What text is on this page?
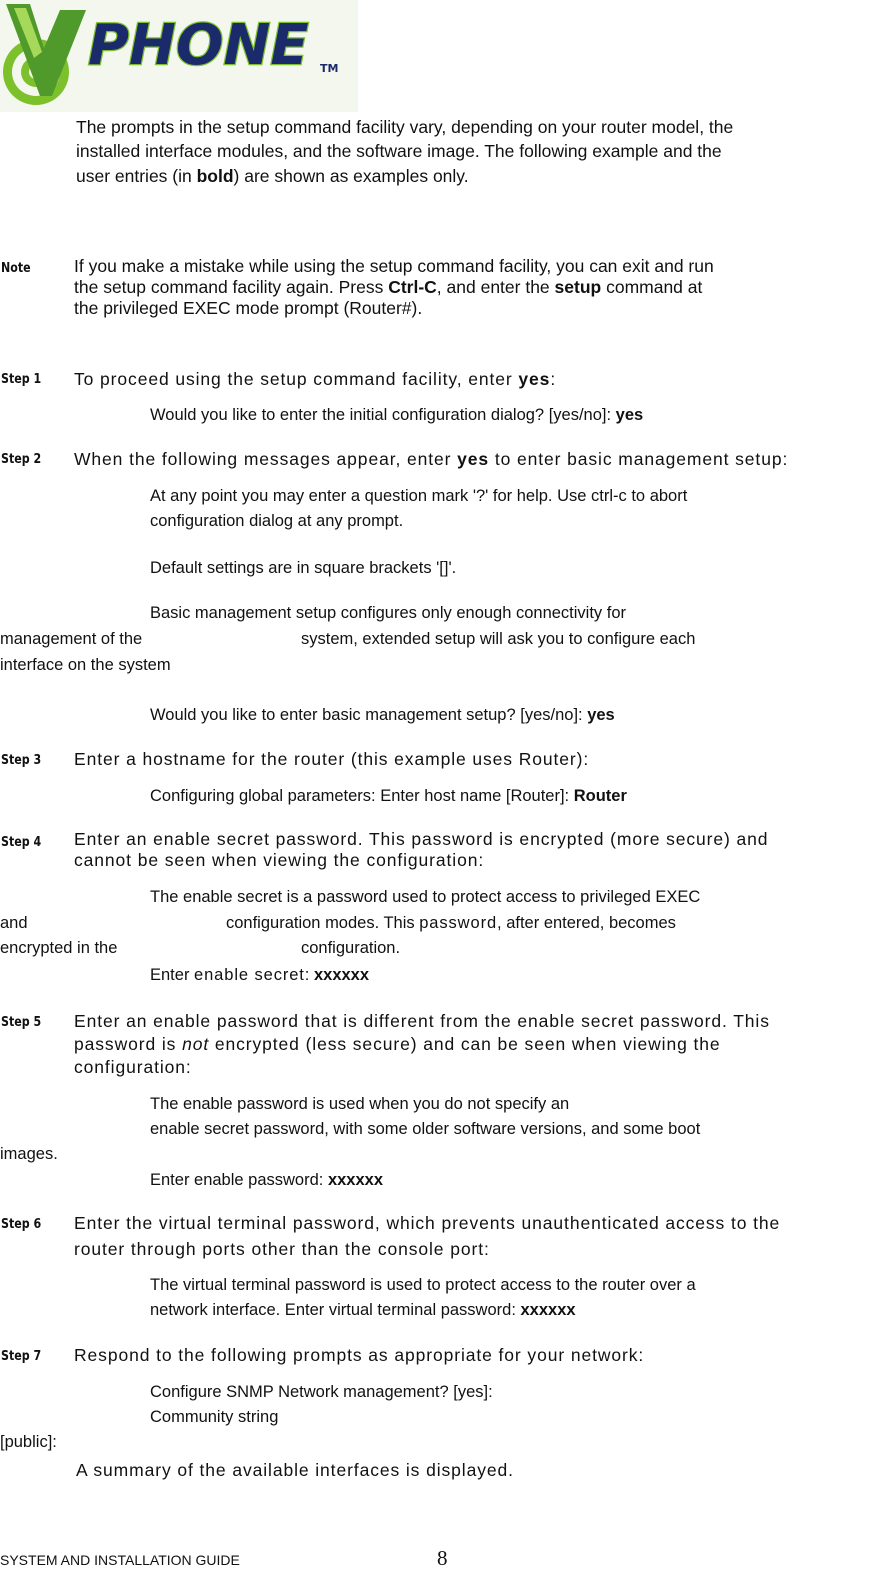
PHONE TM
The prompts in the setup command facility vary, depending on your router model, the
installed interface modules, and the software image. The following example and the
user entries (in bold) are shown as examples only.
Note If you make a mistake while using the setup command facility, you can exit and run
the setup command facility again. Press Ctrl-C, and enter the setup command at
the privileged EXEC mode prompt (Router#).
Step 1 To proceed using the setup command facility, enter yes:
Would you like to enter the initial configuration dialog? [yes/no]: yes
Step 2 When the following messages appear, enter yes to enter basic management setup:
At any point you may enter a question mark '?' for help. Use ctrl-c to abort
configuration dialog at any prompt.
Default settings are in square brackets '[]'.
Basic management setup configures only enough connectivity for
management of the	system, extended setup will ask you to configure each
interface on the system
Would you like to enter basic management setup? [yes/no]: yes
Step 3 Enter a hostname for the router (this example uses Router):
Configuring global parameters: Enter host name [Router]: Router
Step 4 Enter an enable secret password. This password is encrypted (more secure) and
cannot be seen when viewing the configuration:
The enable secret is a password used to protect access to privileged EXEC
and	configuration modes. This password, after entered, becomes
encrypted in the	configuration.
Enter enable secret: xxxxxx
Step 5 Enter an enable password that is different from the enable secret password. This
password is not encrypted (less secure) and can be seen when viewing the
configuration:
The enable password is used when you do not specify an
enable secret password, with some older software versions, and some boot
images.
Enter enable password: xxxxxx
Step 6 Enter the virtual terminal password, which prevents unauthenticated access to the
router through ports other than the console port:
The virtual terminal password is used to protect access to the router over a
network interface. Enter virtual terminal password: xxxxxx
Step 7 Respond to the following prompts as appropriate for your network:
Configure SNMP Network management? [yes]:
Community string
[public]:
A summary of the available interfaces is displayed.
SYSTEM AND INSTALLATION GUIDE	8
